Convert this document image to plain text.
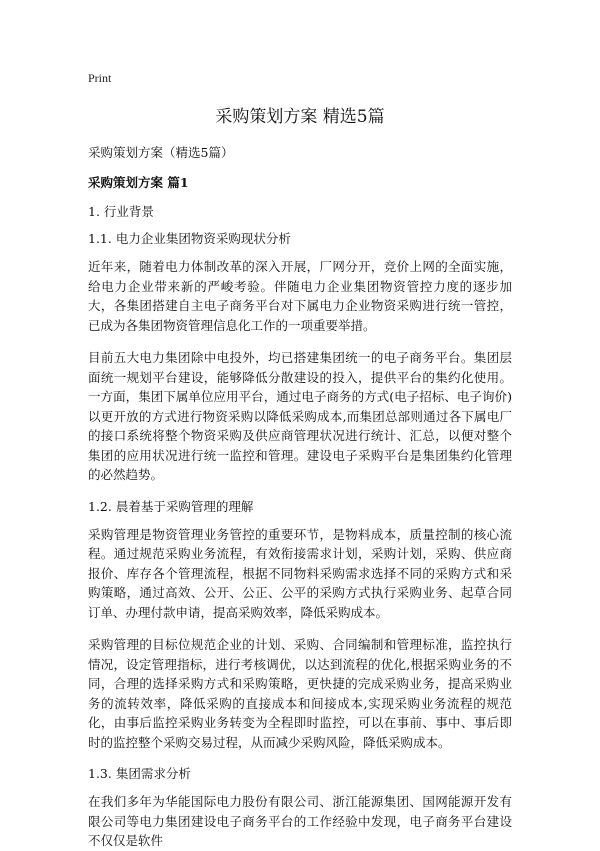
Print
采购策划方案 精选5篇

采购策划方案（精选5篇）

采购策划方案 篇1

1. 行业背景

1.1. 电力企业集团物资采购现状分析

近年来，随着电力体制改革的深入开展，厂网分开，竞价上网的全面实施，给电力企业带来新的严峻考验。伴随电力企业集团物资管控力度的逐步加大，各集团搭建自主电子商务平台对下属电力企业物资采购进行统一管控，已成为各集团物资管理信息化工作的一项重要举措。

目前五大电力集团除中电投外，均已搭建集团统一的电子商务平台。集团层面统一规划平台建设，能够降低分散建设的投入，提供平台的集约化使用。一方面，集团下属单位应用平台，通过电子商务的方式(电子招标、电子询价)以更开放的方式进行物资采购以降低采购成本,而集团总部则通过各下属电厂的接口系统将整个物资采购及供应商管理状况进行统计、汇总，以便对整个集团的应用状况进行统一监控和管理。建设电子采购平台是集团集约化管理的必然趋势。

1.2. 晨着基于采购管理的理解

采购管理是物资管理业务管控的重要环节，是物料成本，质量控制的核心流程。通过规范采购业务流程，有效衔接需求计划，采购计划，采购、供应商报价、库存各个管理流程，根据不同物料采购需求选择不同的采购方式和采购策略，通过高效、公开、公正、公平的采购方式执行采购业务、起草合同订单、办理付款申请，提高采购效率，降低采购成本。

采购管理的目标位规范企业的计划、采购、合同编制和管理标准，监控执行情况，设定管理指标，进行考核调优，以达到流程的优化,根据采购业务的不同，合理的选择采购方式和采购策略，更快捷的完成采购业务，提高采购业务的流转效率，降低采购的直接成本和间接成本,实现采购业务流程的规范化，由事后监控采购业务转变为全程即时监控，可以在事前、事中、事后即时的监控整个采购交易过程，从而减少采购风险，降低采购成本。

1.3. 集团需求分析

在我们多年为华能国际电力股份有限公司、浙江能源集团、国网能源开发有限公司等电力集团建设电子商务平台的工作经验中发现，电子商务平台建设不仅仅是软件
